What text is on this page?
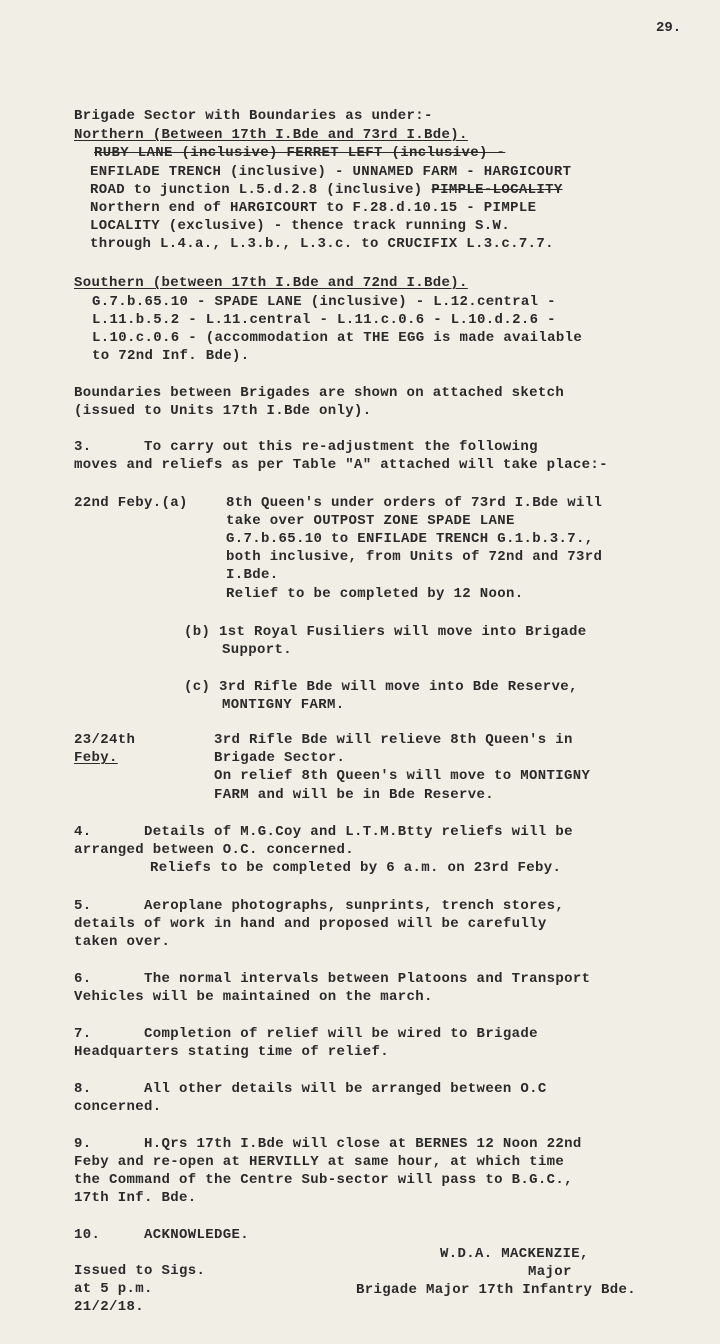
29.
Brigade Sector with Boundaries as under:-
Northern (Between 17th I.Bde and 73rd I.Bde).
RUBY LANE (inclusive) FERRET LEFT (inclusive) -
ENFILADE TRENCH (inclusive) - UNNAMED FARM - HARGICOURT
ROAD to junction L.5.d.2.8 (inclusive) PIMPLE-LOCALITY
Northern end of HARGICOURT to F.28.d.10.15 - PIMPLE
LOCALITY (exclusive) - thence track running S.W.
through L.4.a., L.3.b., L.3.c. to CRUCIFIX L.3.c.7.7.
Southern (between 17th I.Bde and 72nd I.Bde).
G.7.b.65.10 - SPADE LANE (inclusive) - L.12.central -
L.11.b.5.2 - L.11.central - L.11.c.0.6 - L.10.d.2.6 -
L.10.c.0.6 - (accommodation at THE EGG is made available
to 72nd Inf. Bde).
Boundaries between Brigades are shown on attached sketch
(issued to Units 17th I.Bde only).
3.      To carry out this re-adjustment the following
moves and reliefs as per Table "A" attached will take place:-
22nd Feby.(a)	8th Queen's under orders of 73rd I.Bde will
take over OUTPOST ZONE SPADE LANE
G.7.b.65.10 to ENFILADE TRENCH G.1.b.3.7.,
both inclusive, from Units of 72nd and 73rd
I.Bde.
Relief to be completed by 12 Noon.
(b) 1st Royal Fusiliers will move into Brigade
Support.
(c) 3rd Rifle Bde will move into Bde Reserve,
MONTIGNY FARM.
23/24th
Feby.
3rd Rifle Bde will relieve 8th Queen's in
Brigade Sector.
On relief 8th Queen's will move to MONTIGNY
FARM and will be in Bde Reserve.
4.      Details of M.G.Coy and L.T.M.Btty reliefs will be
arranged between O.C. concerned.
Reliefs to be completed by 6 a.m. on 23rd Feby.
5.      Aeroplane photographs, sunprints, trench stores,
details of work in hand and proposed will be carefully
taken over.
6.      The normal intervals between Platoons and Transport
Vehicles will be maintained on the march.
7.      Completion of relief will be wired to Brigade
Headquarters stating time of relief.
8.      All other details will be arranged between O.C
concerned.
9.      H.Qrs 17th I.Bde will close at BERNES 12 Noon 22nd
Feby and re-open at HERVILLY at same hour, at which time
the Command of the Centre Sub-sector will pass to B.G.C.,
17th Inf. Bde.
10.     ACKNOWLEDGE.
Issued to Sigs.
at 5 p.m.
21/2/18.
W.D.A. MACKENZIE,
Major
Brigade Major 17th Infantry Bde.
